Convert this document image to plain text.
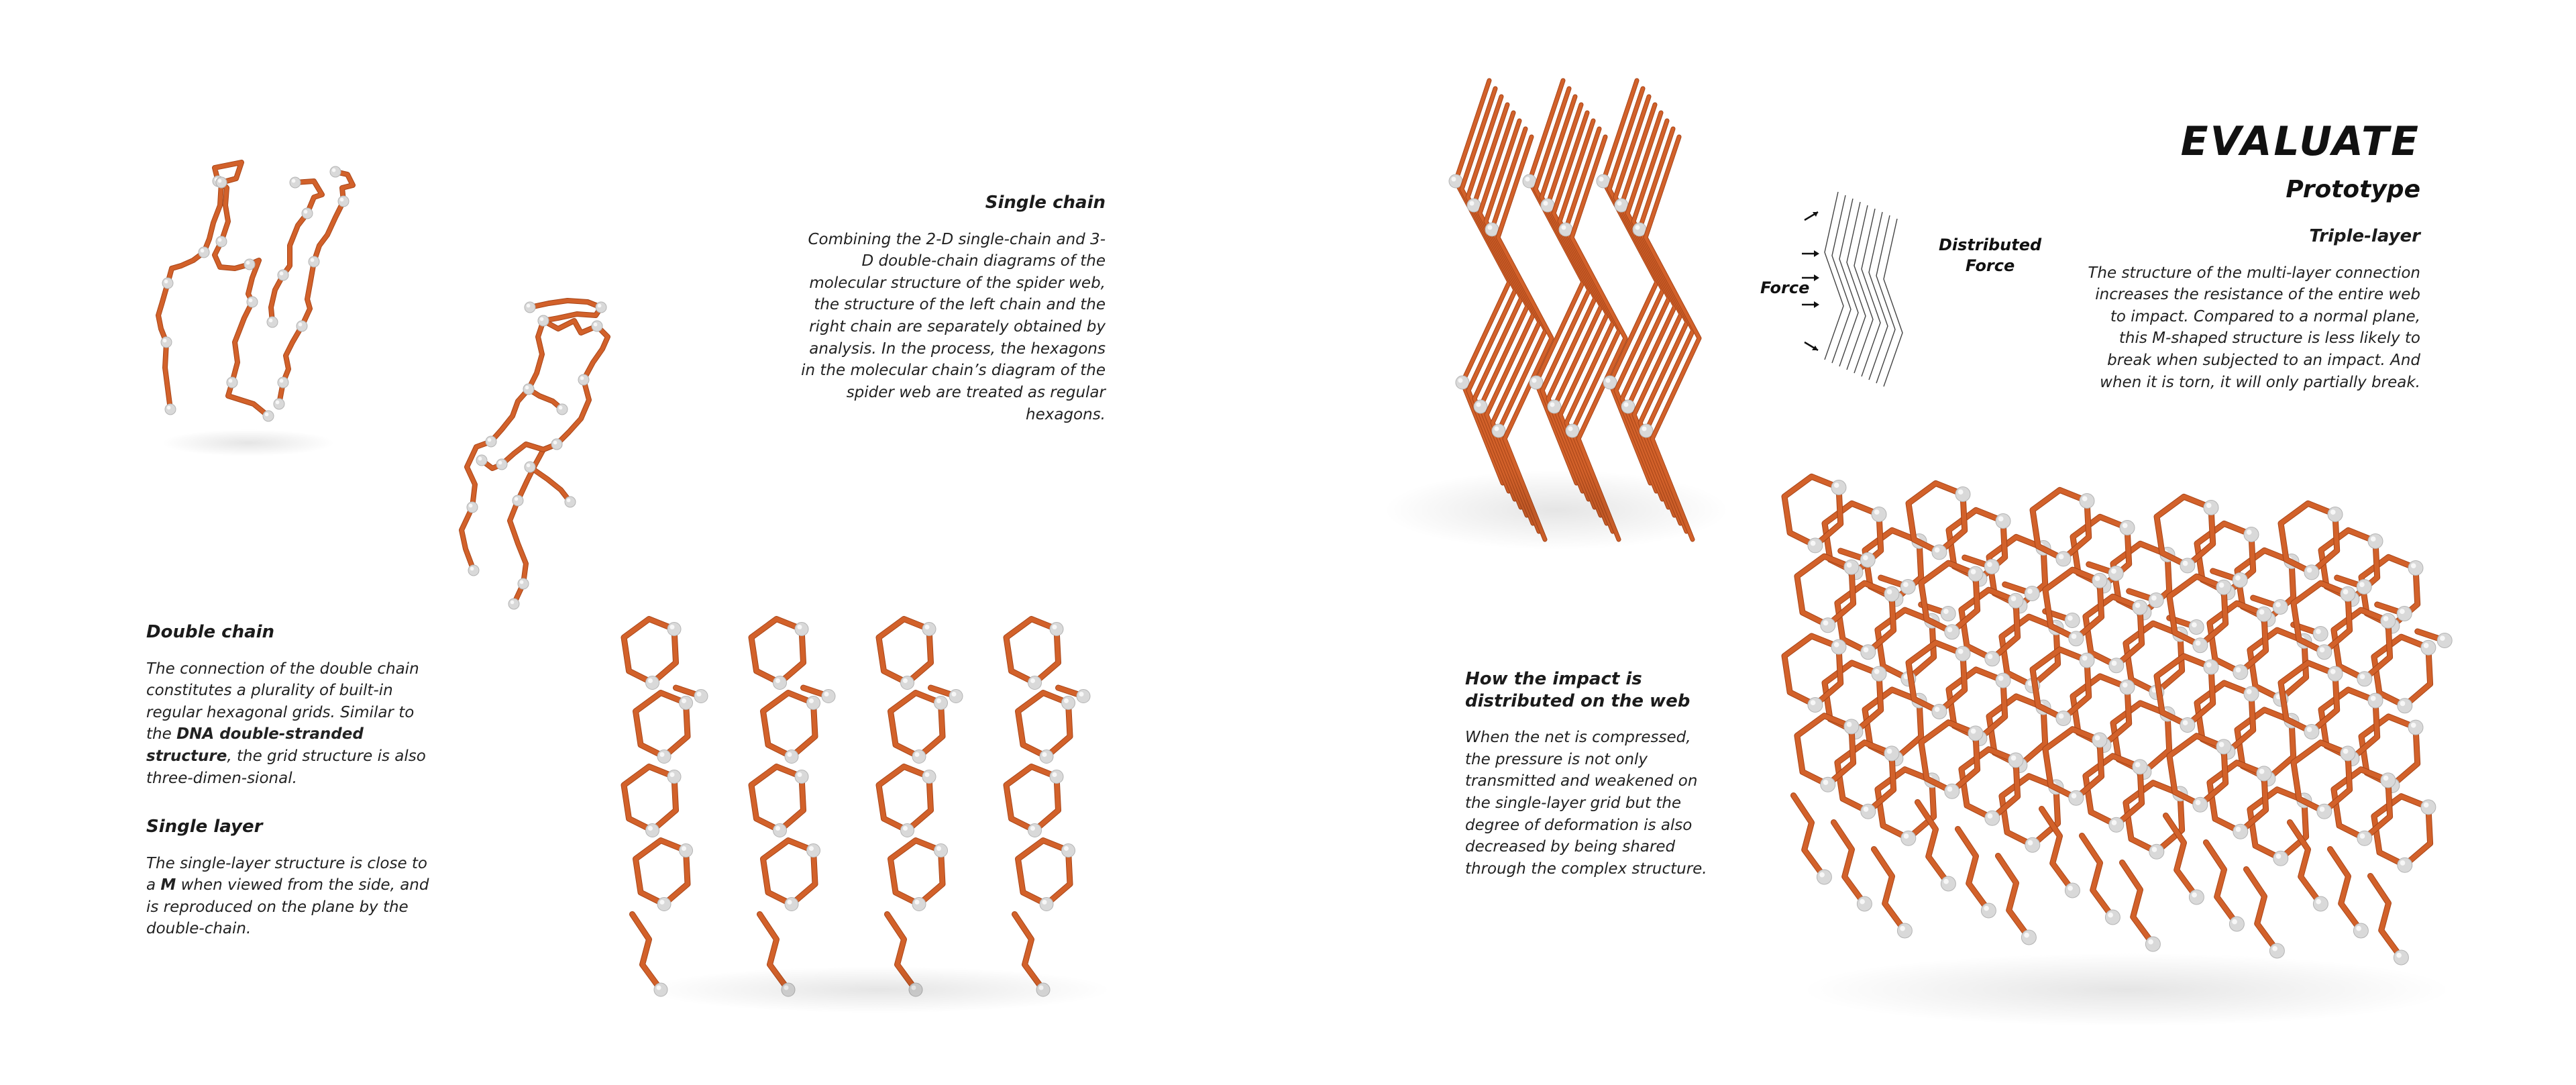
Single chain

Combining the 2-D single-chain and 3-D double-chain diagrams of the molecular structure of the spider web, the structure of the left chain and the right chain are separately obtained by analysis. In the process, the hexagons in the molecular chain’s diagram of the spider web are treated as regular hexagons.

Double chain

The connection of the double chain constitutes a plurality of built-in regular hexagonal grids. Similar to the DNA double-stranded structure, the grid structure is also three-dimen-sional.

Single layer

The single-layer structure is close to a M when viewed from the side, and is reproduced on the plane by the double-chain.

Force
Distributed
Force
EVALUATE
Prototype
Triple-layer

The structure of the multi-layer connection increases the resistance of the entire web to impact. Compared to a normal plane, this M-shaped structure is less likely to break when subjected to an impact. And when it is torn, it will only partially break.

How the impact is
distributed on the web

When the net is compressed, the pressure is not only transmitted and weakened on the single-layer grid but the degree of deformation is also decreased by being shared through the complex structure.
